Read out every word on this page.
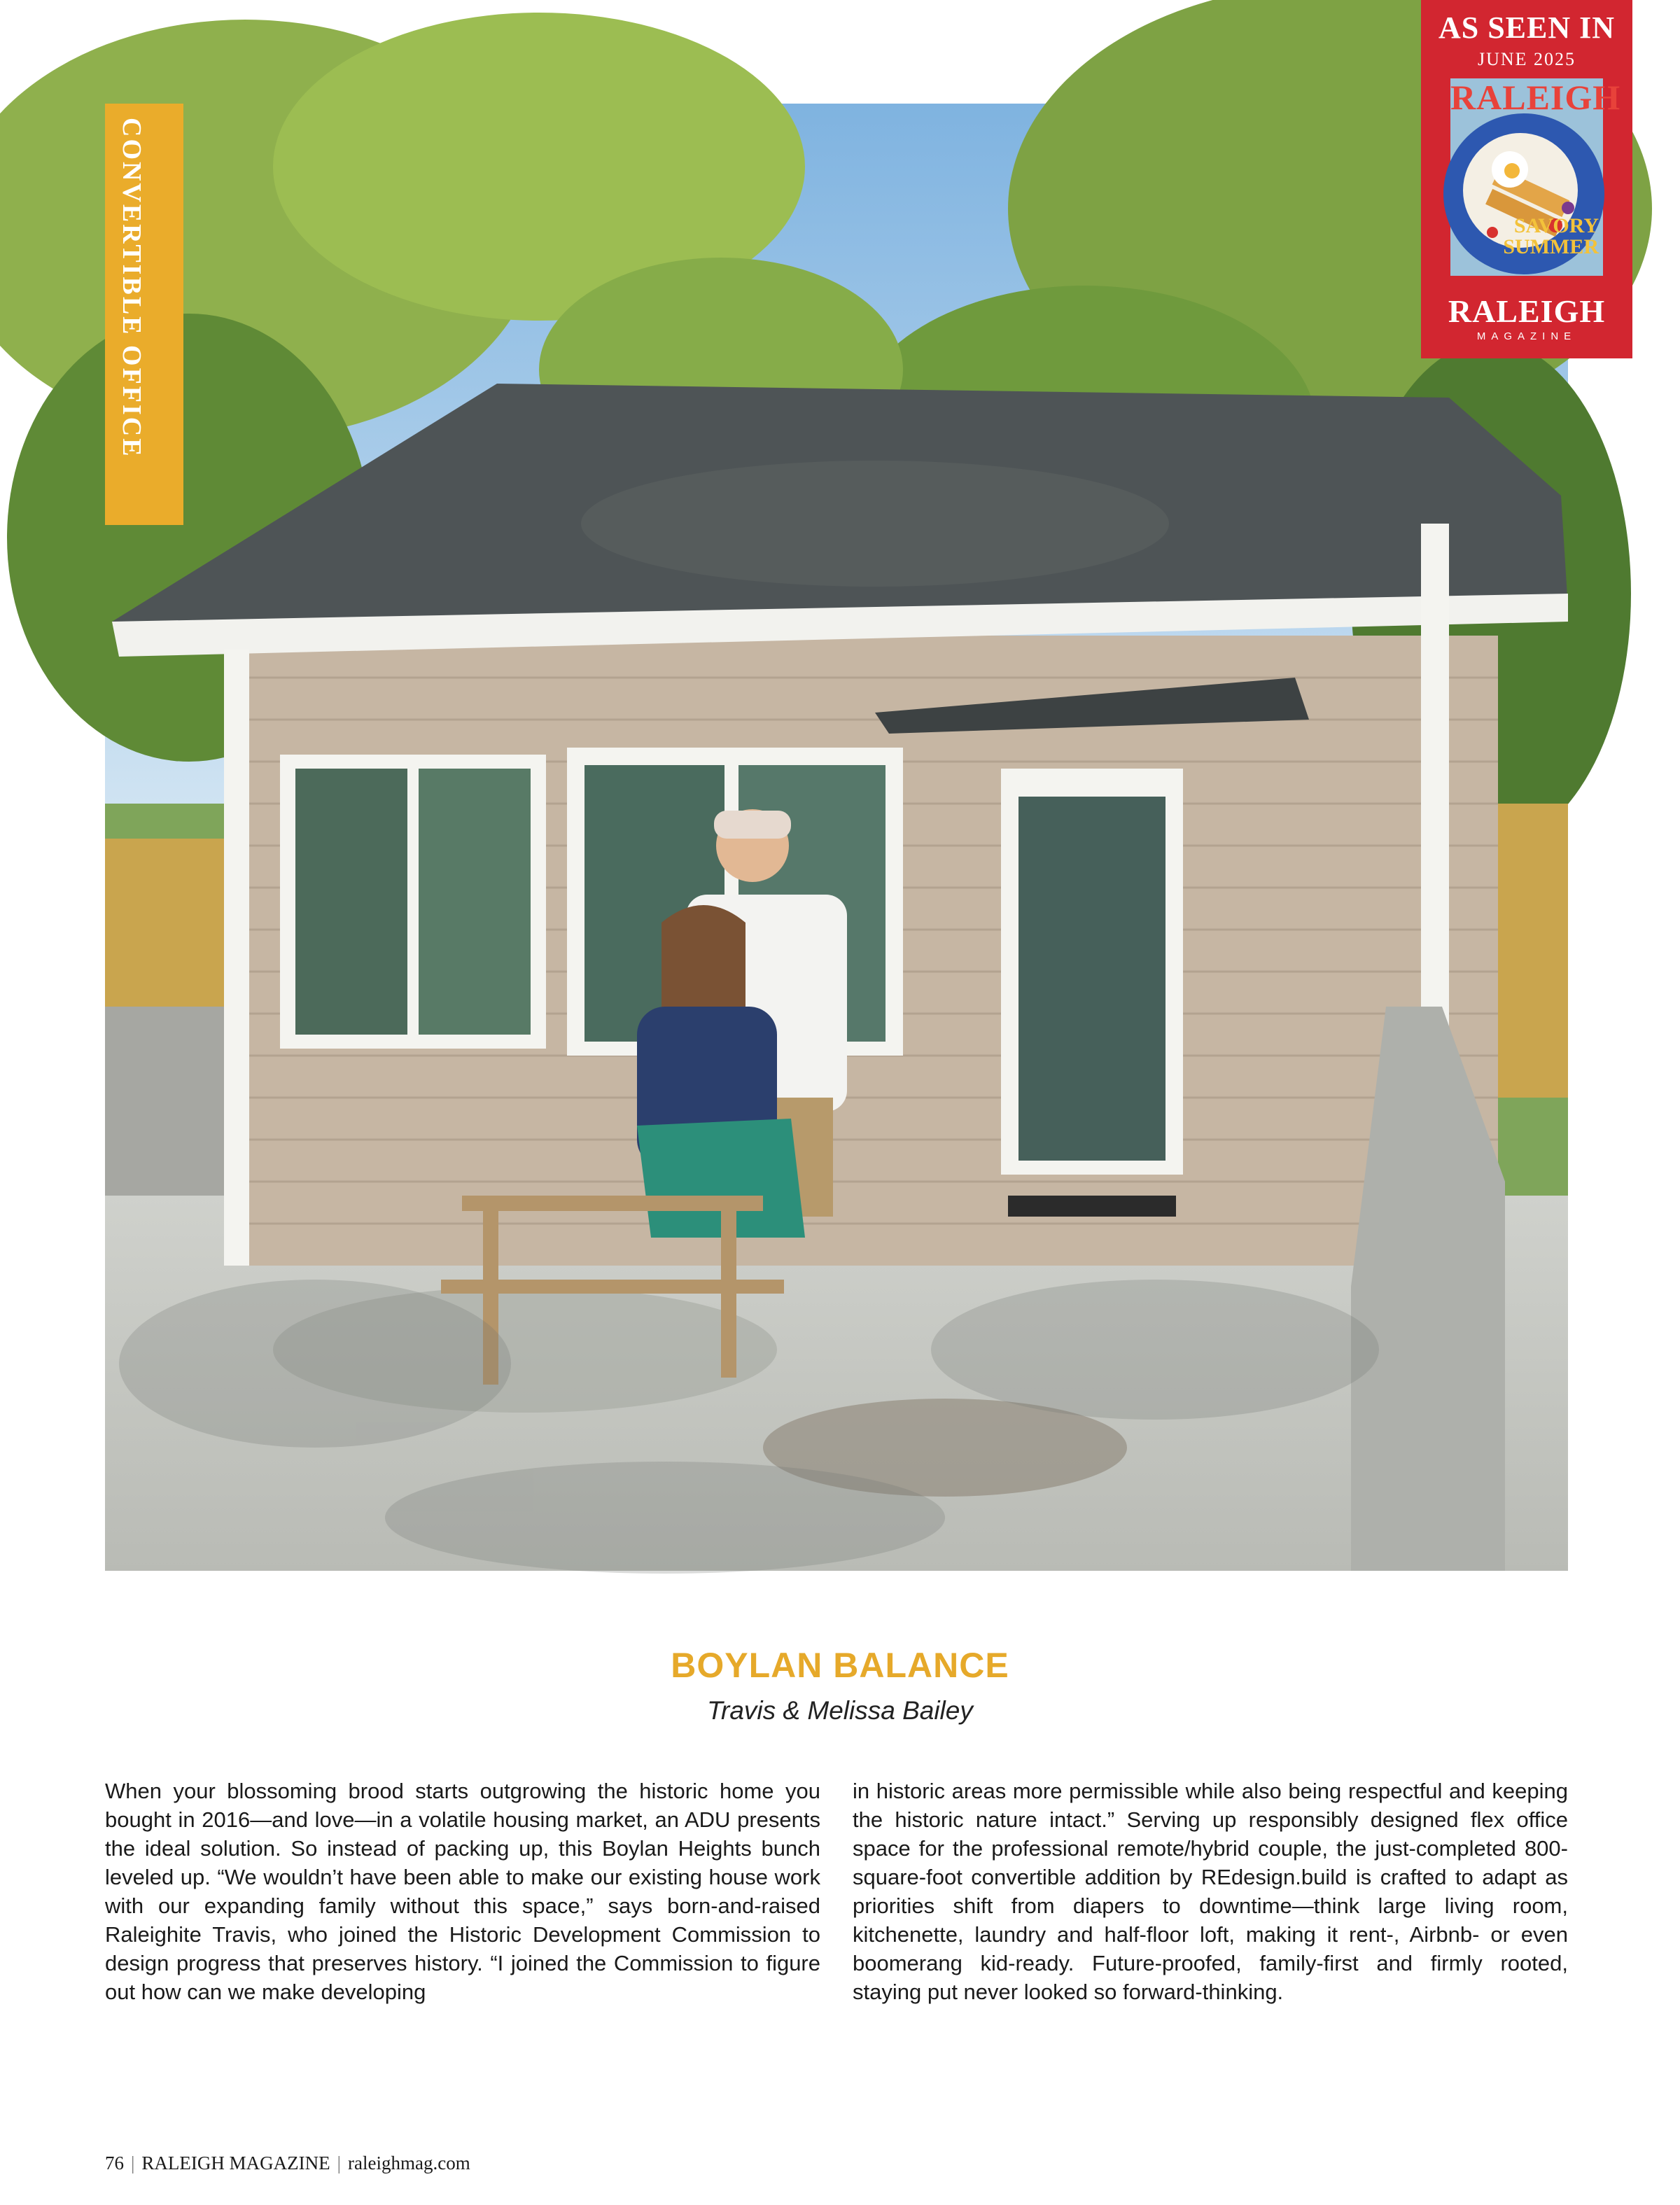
CONVERTIBLE OFFICE
AS SEEN IN
JUNE 2025
RALEIGH
SAVORY
SUMMER
RALEIGH
MAGAZINE
BOYLAN BALANCE
Travis & Melissa Bailey
When your blossoming brood starts outgrowing the historic home you bought in 2016—and love—in a volatile housing market, an ADU presents the ideal solution. So instead of packing up, this Boylan Heights bunch leveled up. “We wouldn’t have been able to make our existing house work with our expanding family without this space,” says born-and-raised Raleighite Travis, who joined the Historic Development Commission to design progress that preserves history. “I joined the Commission to figure out how can we make developing
in historic areas more permissible while also being respectful and keeping the historic nature intact.” Serving up responsibly designed flex office space for the professional remote/hybrid couple, the just-completed 800-square-foot convertible addition by REdesign.build is crafted to adapt as priorities shift from diapers to downtime—think large living room, kitchenette, laundry and half-floor loft, making it rent-, Airbnb- or even boomerang kid-ready. Future-proofed, family-first and firmly rooted, staying put never looked so forward-thinking.
76 | RALEIGH MAGAZINE | raleighmag.com
